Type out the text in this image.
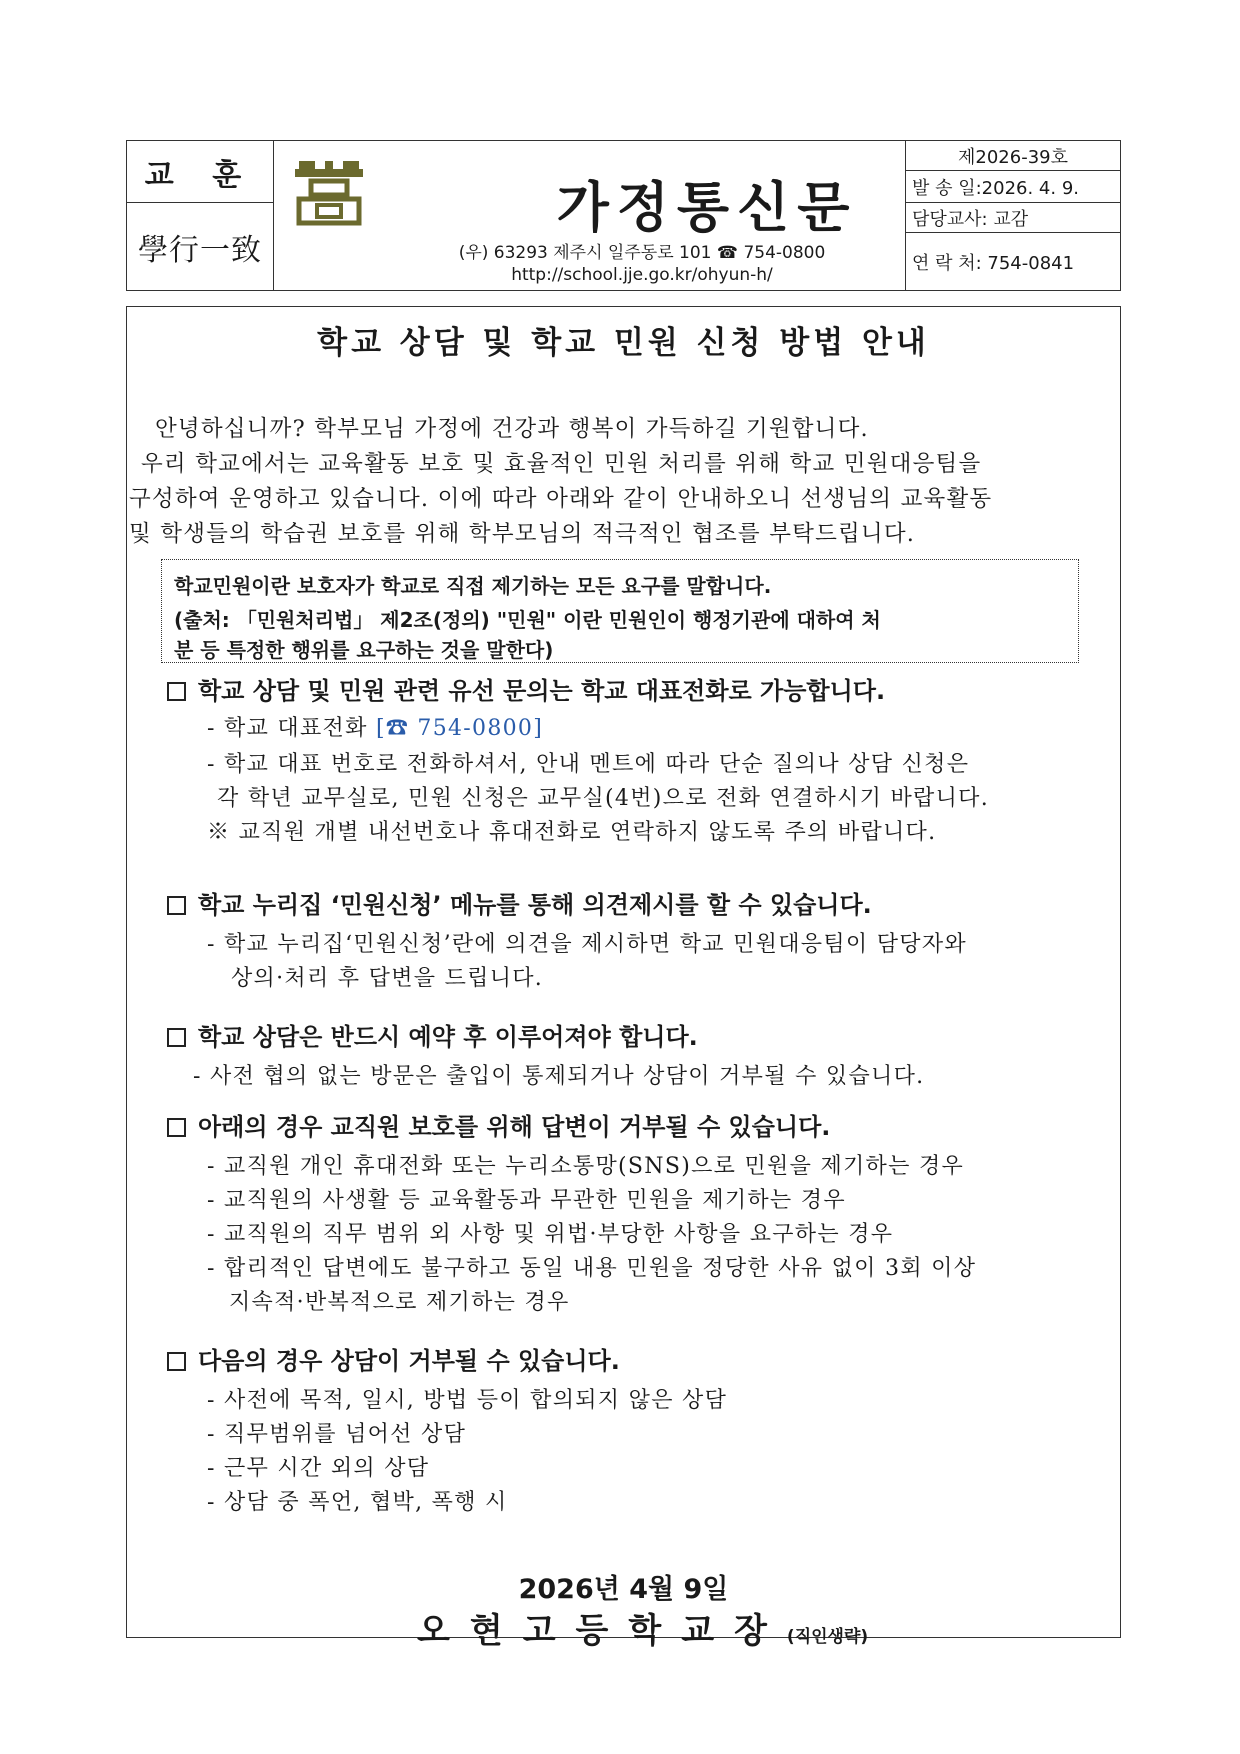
교 훈
學行一致
가정통신문
(우) 63293 제주시 일주동로 101 ☎ 754-0800
http://school.jje.go.kr/ohyun-h/
제2026-39호
발 송 일:2026. 4. 9.
담당교사: 교감
연 락 처: 754-0841
학교 상담 및 학교 민원 신청 방법 안내
안녕하십니까? 학부모님 가정에 건강과 행복이 가득하길 기원합니다.
우리 학교에서는 교육활동 보호 및 효율적인 민원 처리를 위해 학교 민원대응팀을
구성하여 운영하고 있습니다. 이에 따라 아래와 같이 안내하오니 선생님의 교육활동
및 학생들의 학습권 보호를 위해 학부모님의 적극적인 협조를 부탁드립니다.
학교민원이란 보호자가 학교로 직접 제기하는 모든 요구를 말합니다.
(출처: 「민원처리법」 제2조(정의) "민원" 이란 민원인이 행정기관에 대하여 처
분 등 특정한 행위를 요구하는 것을 말한다)
학교 상담 및 민원 관련 유선 문의는 학교 대표전화로 가능합니다.
- 학교 대표전화 [☎ 754-0800]
- 학교 대표 번호로 전화하셔서, 안내 멘트에 따라 단순 질의나 상담 신청은
각 학년 교무실로, 민원 신청은 교무실(4번)으로 전화 연결하시기 바랍니다.
※ 교직원 개별 내선번호나 휴대전화로 연락하지 않도록 주의 바랍니다.
학교 누리집 ‘민원신청’ 메뉴를 통해 의견제시를 할 수 있습니다.
- 학교 누리집‘민원신청’란에 의견을 제시하면 학교 민원대응팀이 담당자와
상의·처리 후 답변을 드립니다.
학교 상담은 반드시 예약 후 이루어져야 합니다.
- 사전 협의 없는 방문은 출입이 통제되거나 상담이 거부될 수 있습니다.
아래의 경우 교직원 보호를 위해 답변이 거부될 수 있습니다.
- 교직원 개인 휴대전화 또는 누리소통망(SNS)으로 민원을 제기하는 경우
- 교직원의 사생활 등 교육활동과 무관한 민원을 제기하는 경우
- 교직원의 직무 범위 외 사항 및 위법·부당한 사항을 요구하는 경우
- 합리적인 답변에도 불구하고 동일 내용 민원을 정당한 사유 없이 3회 이상
지속적·반복적으로 제기하는 경우
다음의 경우 상담이 거부될 수 있습니다.
- 사전에 목적, 일시, 방법 등이 합의되지 않은 상담
- 직무범위를 넘어선 상담
- 근무 시간 외의 상담
- 상담 중 폭언, 협박, 폭행 시
2026년 4월 9일
오현고등학교장(직인생략)
